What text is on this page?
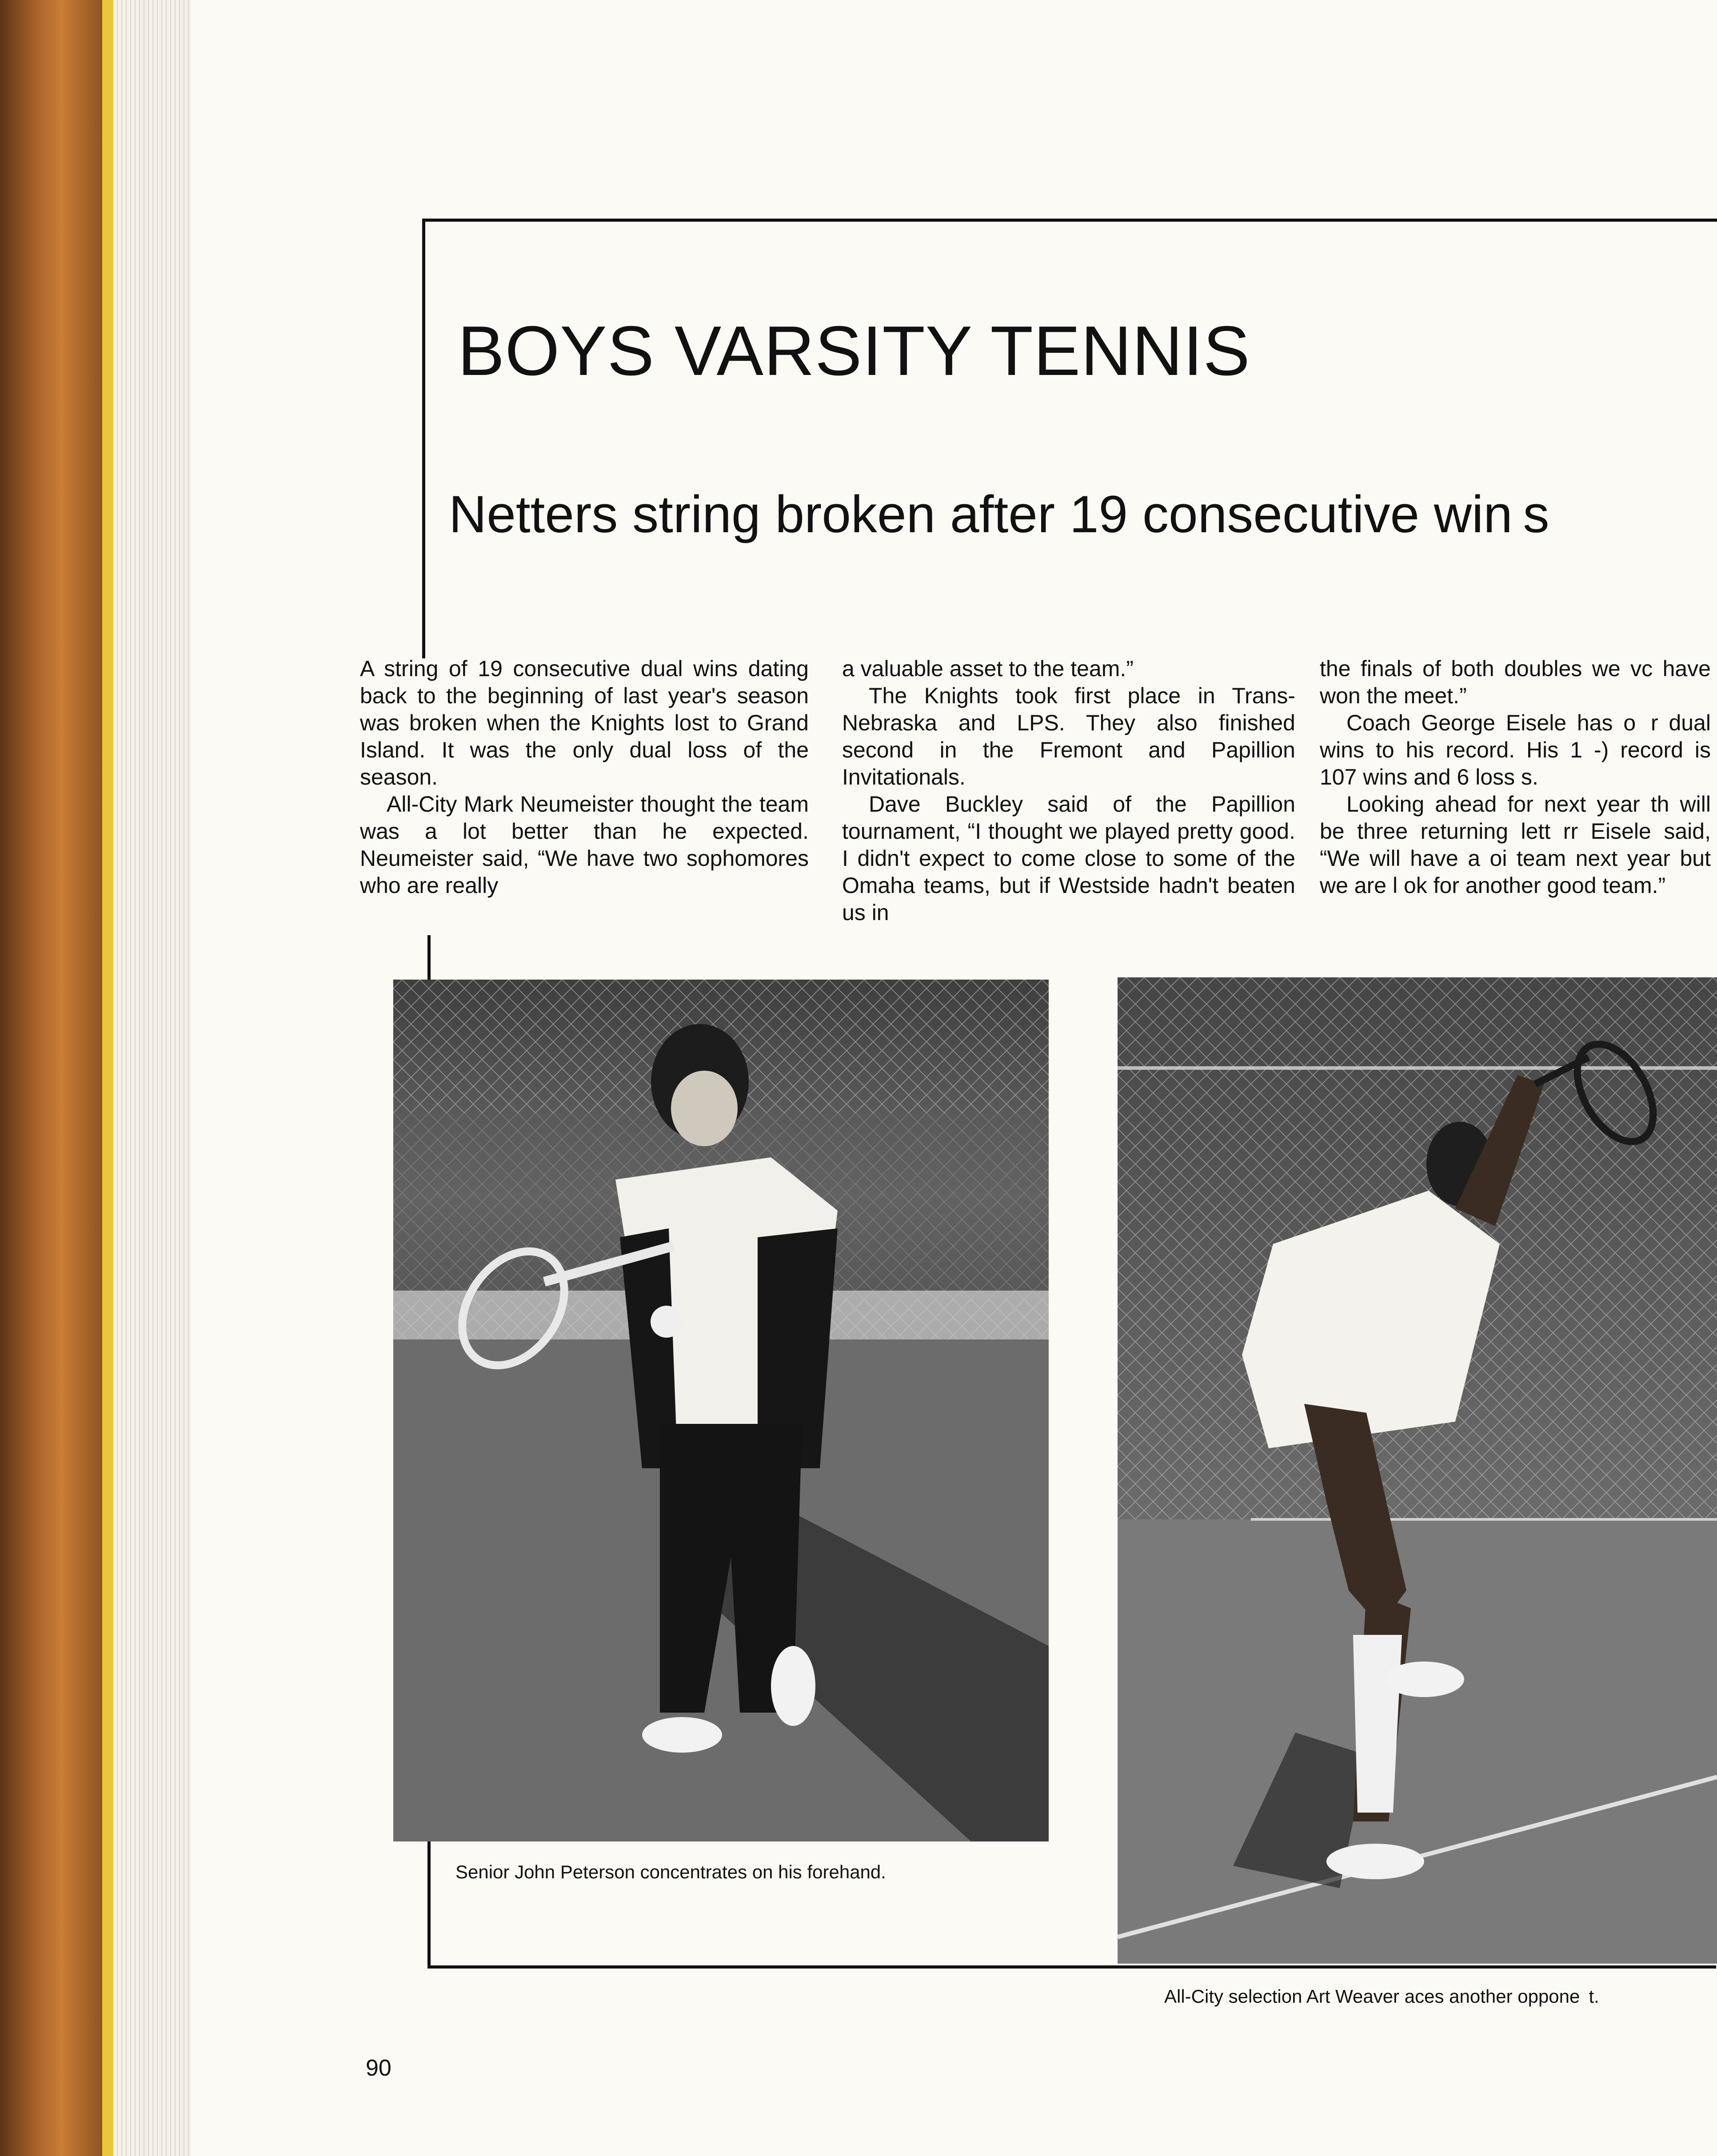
BOYS VARSITY TENNIS
Netters string broken after 19 consecutive win s

A string of 19 consecutive dual wins dating back to the beginning of last year's season was broken when the Knights lost to Grand Island. It was the only dual loss of the season.

All-City Mark Neumeister thought the team was a lot better than he expected. Neumeister said, “We have two sophomores who are really

a valuable asset to the team.”

The Knights took first place in Trans-Nebraska and LPS. They also finished second in the Fremont and Papillion Invitationals.

Dave Buckley said of the Papillion tournament, “I thought we played pretty good. I didn't expect to come close to some of the Omaha teams, but if Westside hadn't beaten us in

the finals of both doubles we vc have won the meet.”

Coach George Eisele has o  r dual wins to his record. His 1 -) record is 107 wins and 6 loss s.

Looking ahead for next year th will be three returning lett rr Eisele said, “We will have a oi team next year but we are l ok for another good team.”

Senior John Peterson concentrates on his forehand.
All-City selection Art Weaver aces another oppone  t.
90
